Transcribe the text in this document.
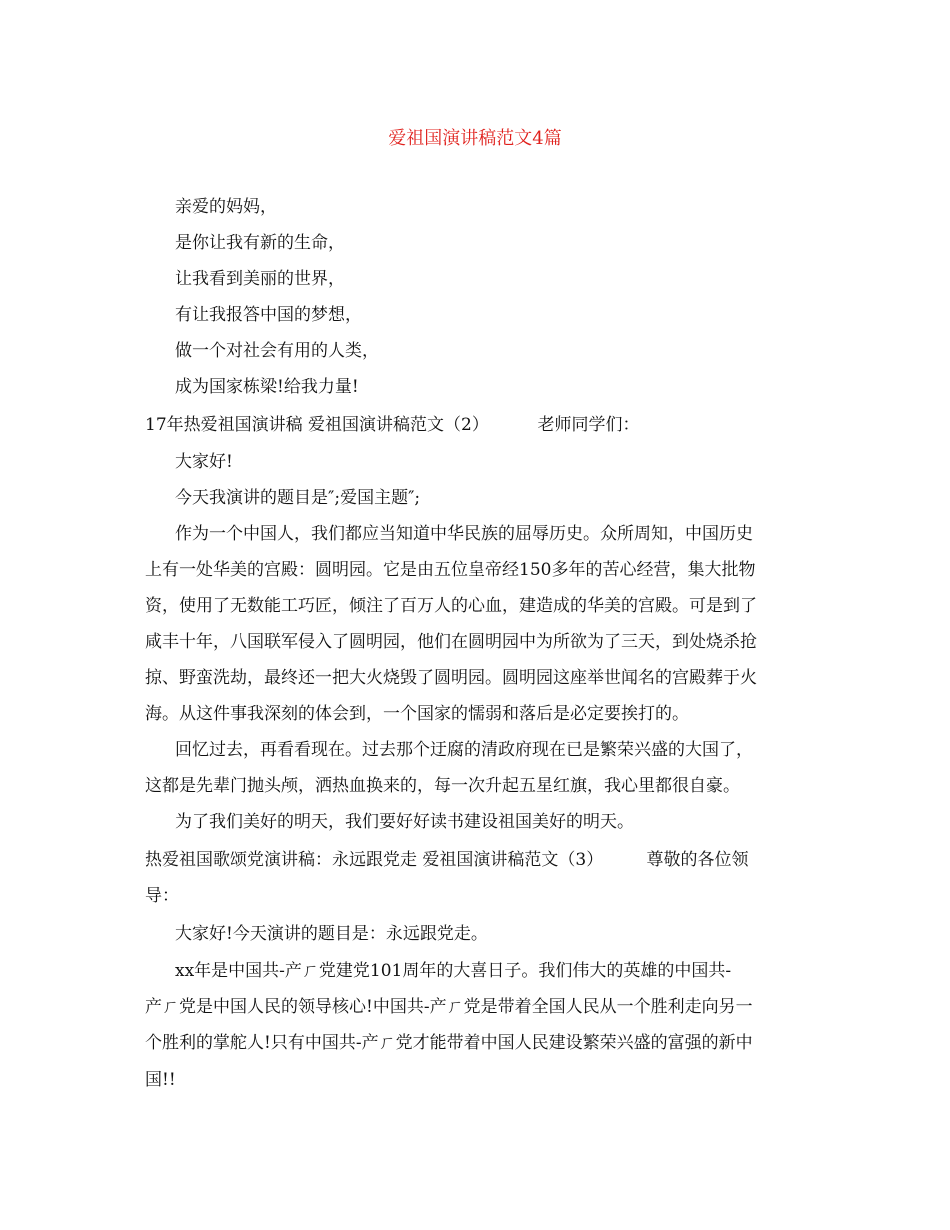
爱祖国演讲稿范文4篇
亲爱的妈妈，
是你让我有新的生命，
让我看到美丽的世界，
有让我报答中国的梦想，
做一个对社会有用的人类，
成为国家栋梁!给我力量!
17年热爱祖国演讲稿 爱祖国演讲稿范文（2）         老师同学们：
大家好!
今天我演讲的题目是″;爱国主题″;
作为一个中国人，我们都应当知道中华民族的屈辱历史。众所周知，中国历史
上有一处华美的宫殿：圆明园。它是由五位皇帝经150多年的苦心经营，集大批物
资，使用了无数能工巧匠，倾注了百万人的心血，建造成的华美的宫殿。可是到了
咸丰十年，八国联军侵入了圆明园，他们在圆明园中为所欲为了三天，到处烧杀抢
掠、野蛮洗劫，最终还一把大火烧毁了圆明园。圆明园这座举世闻名的宫殿葬于火
海。从这件事我深刻的体会到，一个国家的懦弱和落后是必定要挨打的。
回忆过去，再看看现在。过去那个迂腐的清政府现在已是繁荣兴盛的大国了，
这都是先辈门抛头颅，洒热血换来的，每一次升起五星红旗，我心里都很自豪。
为了我们美好的明天，我们要好好读书建设祖国美好的明天。
热爱祖国歌颂党演讲稿：永远跟党走 爱祖国演讲稿范文（3）        尊敬的各位领
导：
大家好!今天演讲的题目是：永远跟党走。
xx年是中国共-产ㄏ党建党101周年的大喜日子。我们伟大的英雄的中国共-
产ㄏ党是中国人民的领导核心!中国共-产ㄏ党是带着全国人民从一个胜利走向另一
个胜利的掌舵人!只有中国共-产ㄏ党才能带着中国人民建设繁荣兴盛的富强的新中
国!!
